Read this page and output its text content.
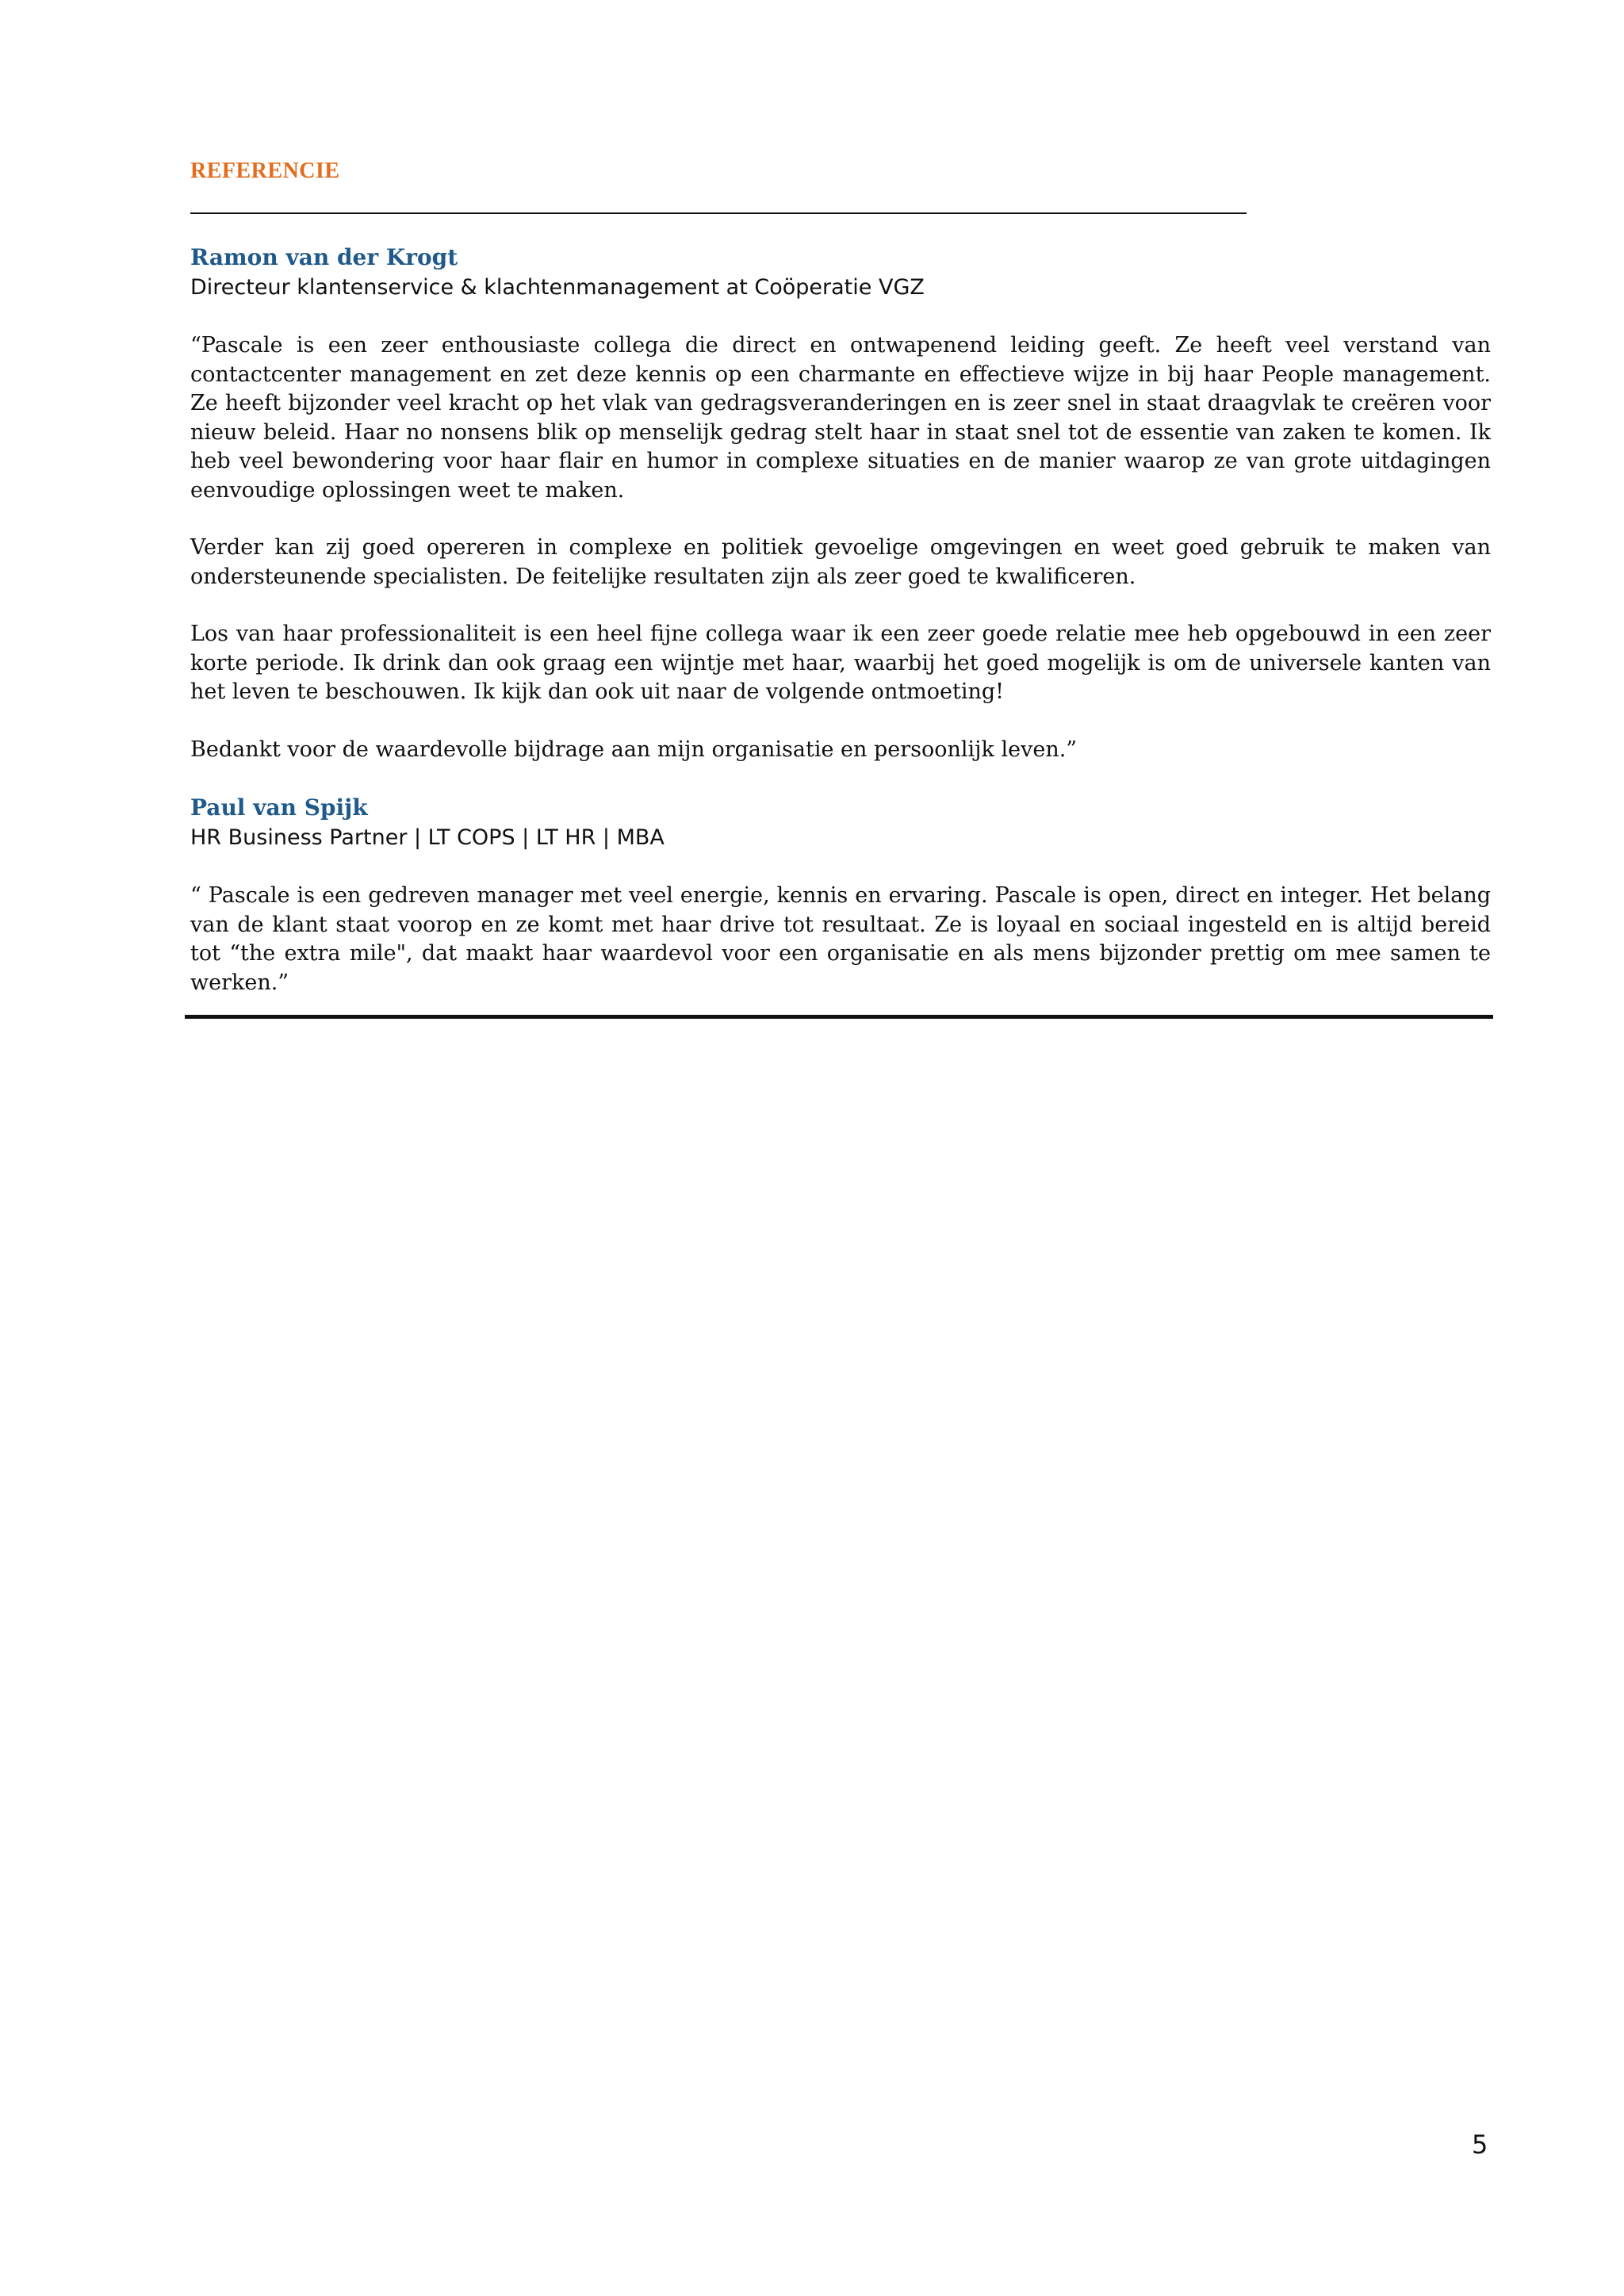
REFERENCIE

Ramon van der Krogt

Directeur klantenservice & klachtenmanagement at Coöperatie VGZ

“Pascale is een zeer enthousiaste collega die direct en ontwapenend leiding geeft. Ze heeft veel verstand van contactcenter management en zet deze kennis op een charmante en effectieve wijze in bij haar People management. Ze heeft bijzonder veel kracht op het vlak van gedragsveranderingen en is zeer snel in staat draagvlak te creëren voor nieuw beleid. Haar no nonsens blik op menselijk gedrag stelt haar in staat snel tot de essentie van zaken te komen. Ik heb veel bewondering voor haar flair en humor in complexe situaties en de manier waarop ze van grote uitdagingen eenvoudige oplossingen weet te maken.

Verder kan zij goed opereren in complexe en politiek gevoelige omgevingen en weet goed gebruik te maken van ondersteunende specialisten. De feitelijke resultaten zijn als zeer goed te kwalificeren.

Los van haar professionaliteit is een heel fijne collega waar ik een zeer goede relatie mee heb opgebouwd in een zeer korte periode. Ik drink dan ook graag een wijntje met haar, waarbij het goed mogelijk is om de universele kanten van het leven te beschouwen. Ik kijk dan ook uit naar de volgende ontmoeting!

Bedankt voor de waardevolle bijdrage aan mijn organisatie en persoonlijk leven.”

Paul van Spijk

HR Business Partner | LT COPS | LT HR | MBA

“ Pascale is een gedreven manager met veel energie, kennis en ervaring. Pascale is open, direct en integer. Het belang van de klant staat voorop en ze komt met haar drive tot resultaat. Ze is loyaal en sociaal ingesteld en is altijd bereid tot “the extra mile", dat maakt haar waardevol voor een organisatie en als mens bijzonder prettig om mee samen te werken.”

5
